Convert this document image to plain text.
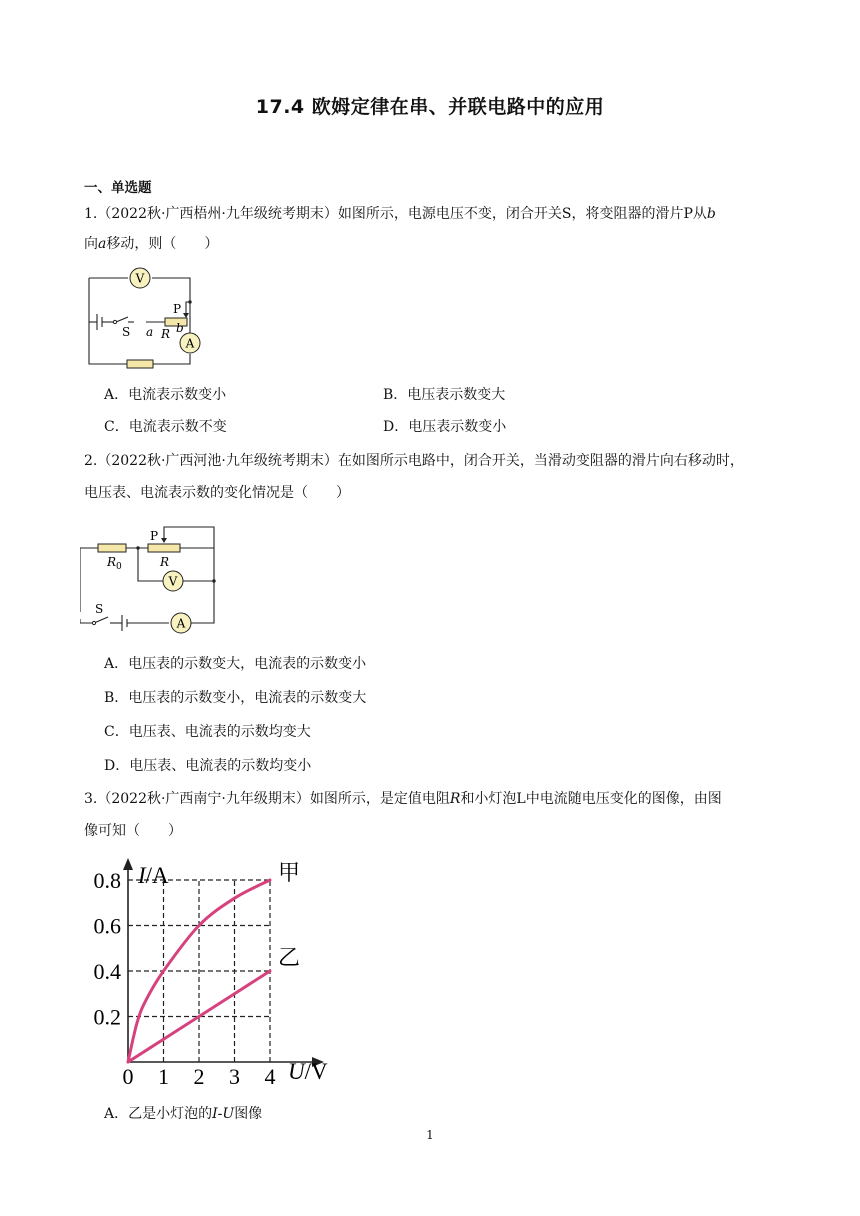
17.4 欧姆定律在串、并联电路中的应用
一、单选题
1.（2022秋·广西梧州·九年级统考期末）如图所示，电源电压不变，闭合开关S，将变阻器的滑片P从b
向a移动，则（　　）
V
A
S
P
a R b
A．电流表示数变小	B．电压表示数变大
C．电流表示数不变	D．电压表示数变小
2.（2022秋·广西河池·九年级统考期末）在如图所示电路中，闭合开关，当滑动变阻器的滑片向右移动时，
电压表、电流表示数的变化情况是（　　）
$R_0$
P
R
V
A
S
A．电压表的示数变大，电流表的示数变小
B．电压表的示数变小，电流表的示数变大
C．电压表、电流表的示数均变大
D．电压表、电流表的示数均变小
3.（2022秋·广西南宁·九年级期末）如图所示，是定值电阻R和小灯泡L中电流随电压变化的图像，由图
像可知（　　）
0 1 2 3 4
0.2
0.4
0.6
0.8	甲
乙
I/A
U/V
A．乙是小灯泡的I-U图像
1
